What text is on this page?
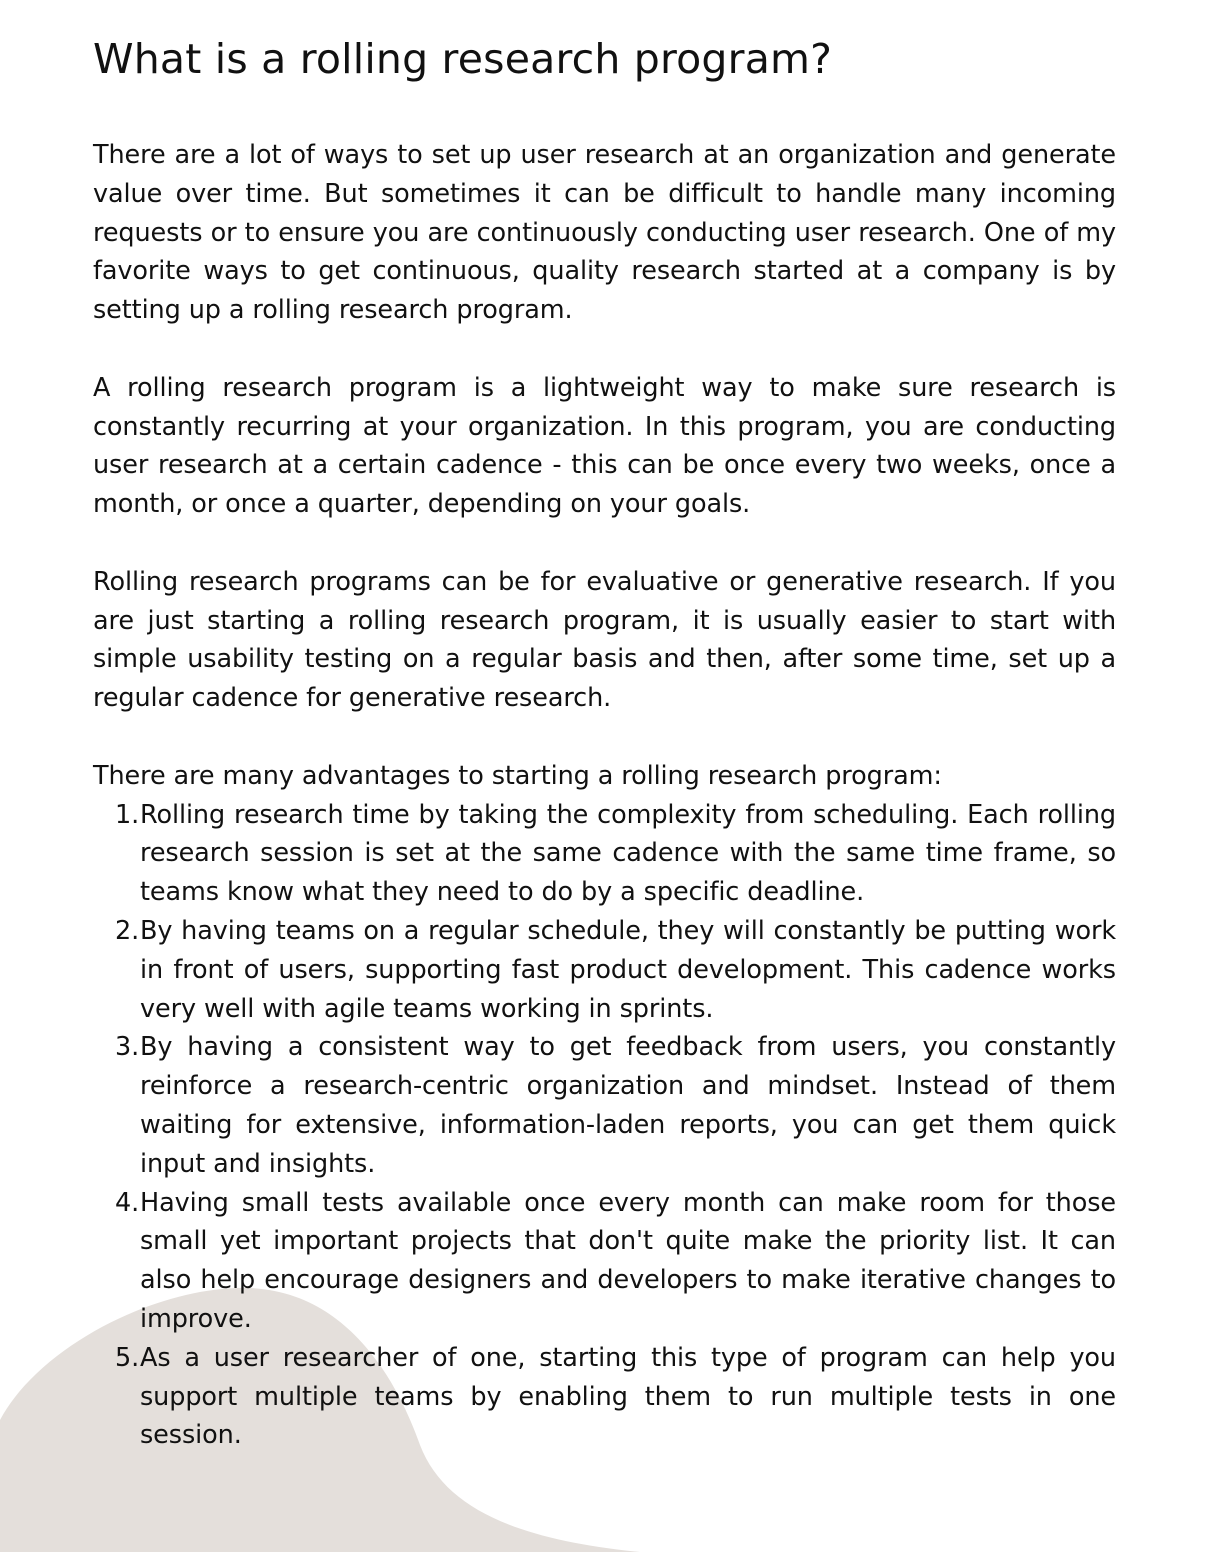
What is a rolling research program?

There are a lot of ways to set up user research at an organization and generate value over time. But sometimes it can be difficult to handle many incoming requests or to ensure you are continuously conducting user research. One of my favorite ways to get continuous, quality research started at a company is by setting up a rolling research program.

A rolling research program is a lightweight way to make sure research is constantly recurring at your organization. In this program, you are conducting user research at a certain cadence - this can be once every two weeks, once a month, or once a quarter, depending on your goals.

Rolling research programs can be for evaluative or generative research. If you are just starting a rolling research program, it is usually easier to start with simple usability testing on a regular basis and then, after some time, set up a regular cadence for generative research.

There are many advantages to starting a rolling research program:

1. Rolling research time by taking the complexity from scheduling. Each rolling research session is set at the same cadence with the same time frame, so teams know what they need to do by a specific deadline.
2. By having teams on a regular schedule, they will constantly be putting work in front of users, supporting fast product development. This cadence works very well with agile teams working in sprints.
3. By having a consistent way to get feedback from users, you constantly reinforce a research-centric organization and mindset. Instead of them waiting for extensive, information-laden reports, you can get them quick input and insights.
4. Having small tests available once every month can make room for those small yet important projects that don't quite make the priority list. It can also help encourage designers and developers to make iterative changes to improve.
5. As a user researcher of one, starting this type of program can help you support multiple teams by enabling them to run multiple tests in one session.
